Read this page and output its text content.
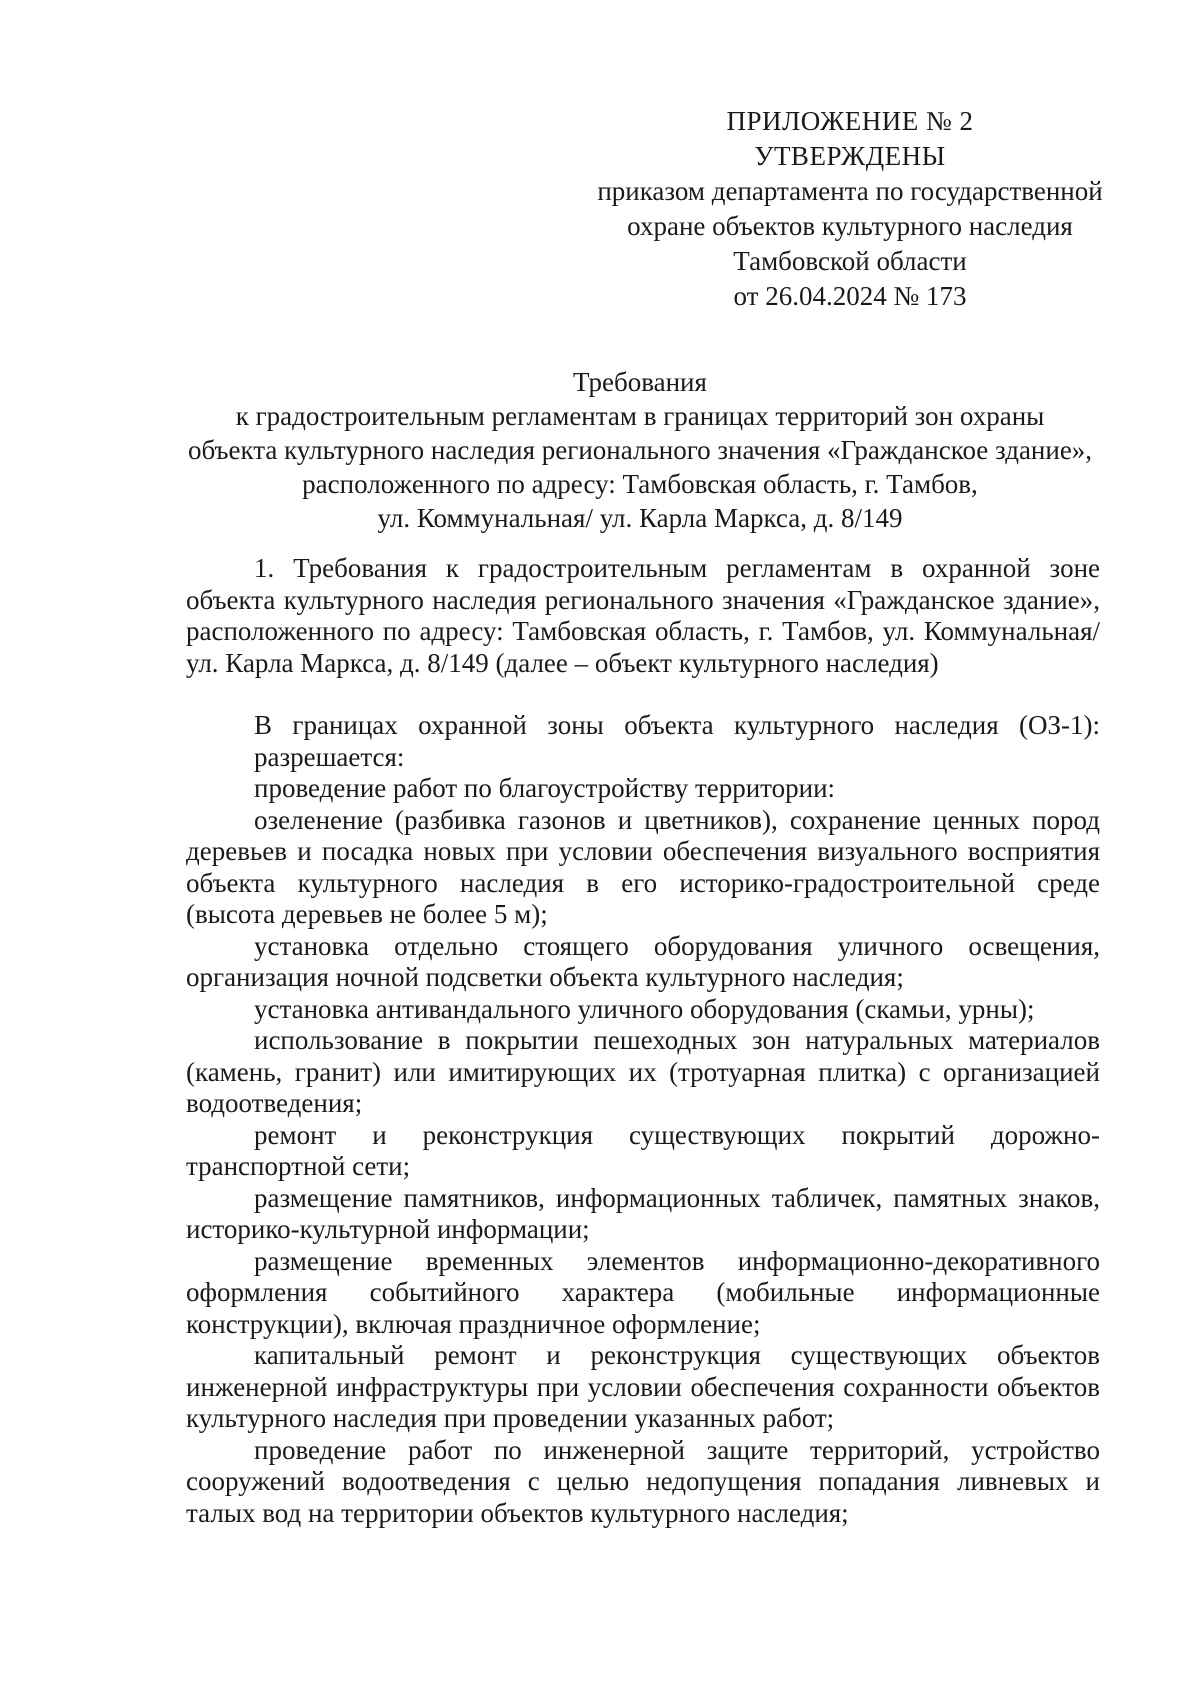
ПРИЛОЖЕНИЕ № 2
УТВЕРЖДЕНЫ
приказом департамента по государственной
охране объектов культурного наследия
Тамбовской области
от 26.04.2024 № 173
Требования
к градостроительным регламентам в границах территорий зон охраны
объекта культурного наследия регионального значения «Гражданское здание»,
расположенного по адресу: Тамбовская область, г. Тамбов,
ул. Коммунальная/ ул. Карла Маркса, д. 8/149

1. Требования к градостроительным регламентам в охранной зоне объекта культурного наследия регионального значения «Гражданское здание», расположенного по адресу: Тамбовская область, г. Тамбов, ул. Коммунальная/ ул. Карла Маркса, д. 8/149 (далее – объект культурного наследия)

В границах охранной зоны объекта культурного наследия (ОЗ-1):

разрешается:

проведение работ по благоустройству территории:

озеленение (разбивка газонов и цветников), сохранение ценных пород деревьев и посадка новых при условии обеспечения визуального восприятия объекта культурного наследия в его историко-градостроительной среде (высота деревьев не более 5 м);

установка отдельно стоящего оборудования уличного освещения, организация ночной подсветки объекта культурного наследия;

установка антивандального уличного оборудования (скамьи, урны);

использование в покрытии пешеходных зон натуральных материалов (камень, гранит) или имитирующих их (тротуарная плитка) с организацией водоотведения;

ремонт и реконструкция существующих покрытий дорожно-транспортной сети;

размещение памятников, информационных табличек, памятных знаков, историко-культурной информации;

размещение временных элементов информационно-декоративного оформления событийного характера (мобильные информационные конструкции), включая праздничное оформление;

капитальный ремонт и реконструкция существующих объектов инженерной инфраструктуры при условии обеспечения сохранности объектов культурного наследия при проведении указанных работ;

проведение работ по инженерной защите территорий, устройство сооружений водоотведения с целью недопущения попадания ливневых и талых вод на территории объектов культурного наследия;
